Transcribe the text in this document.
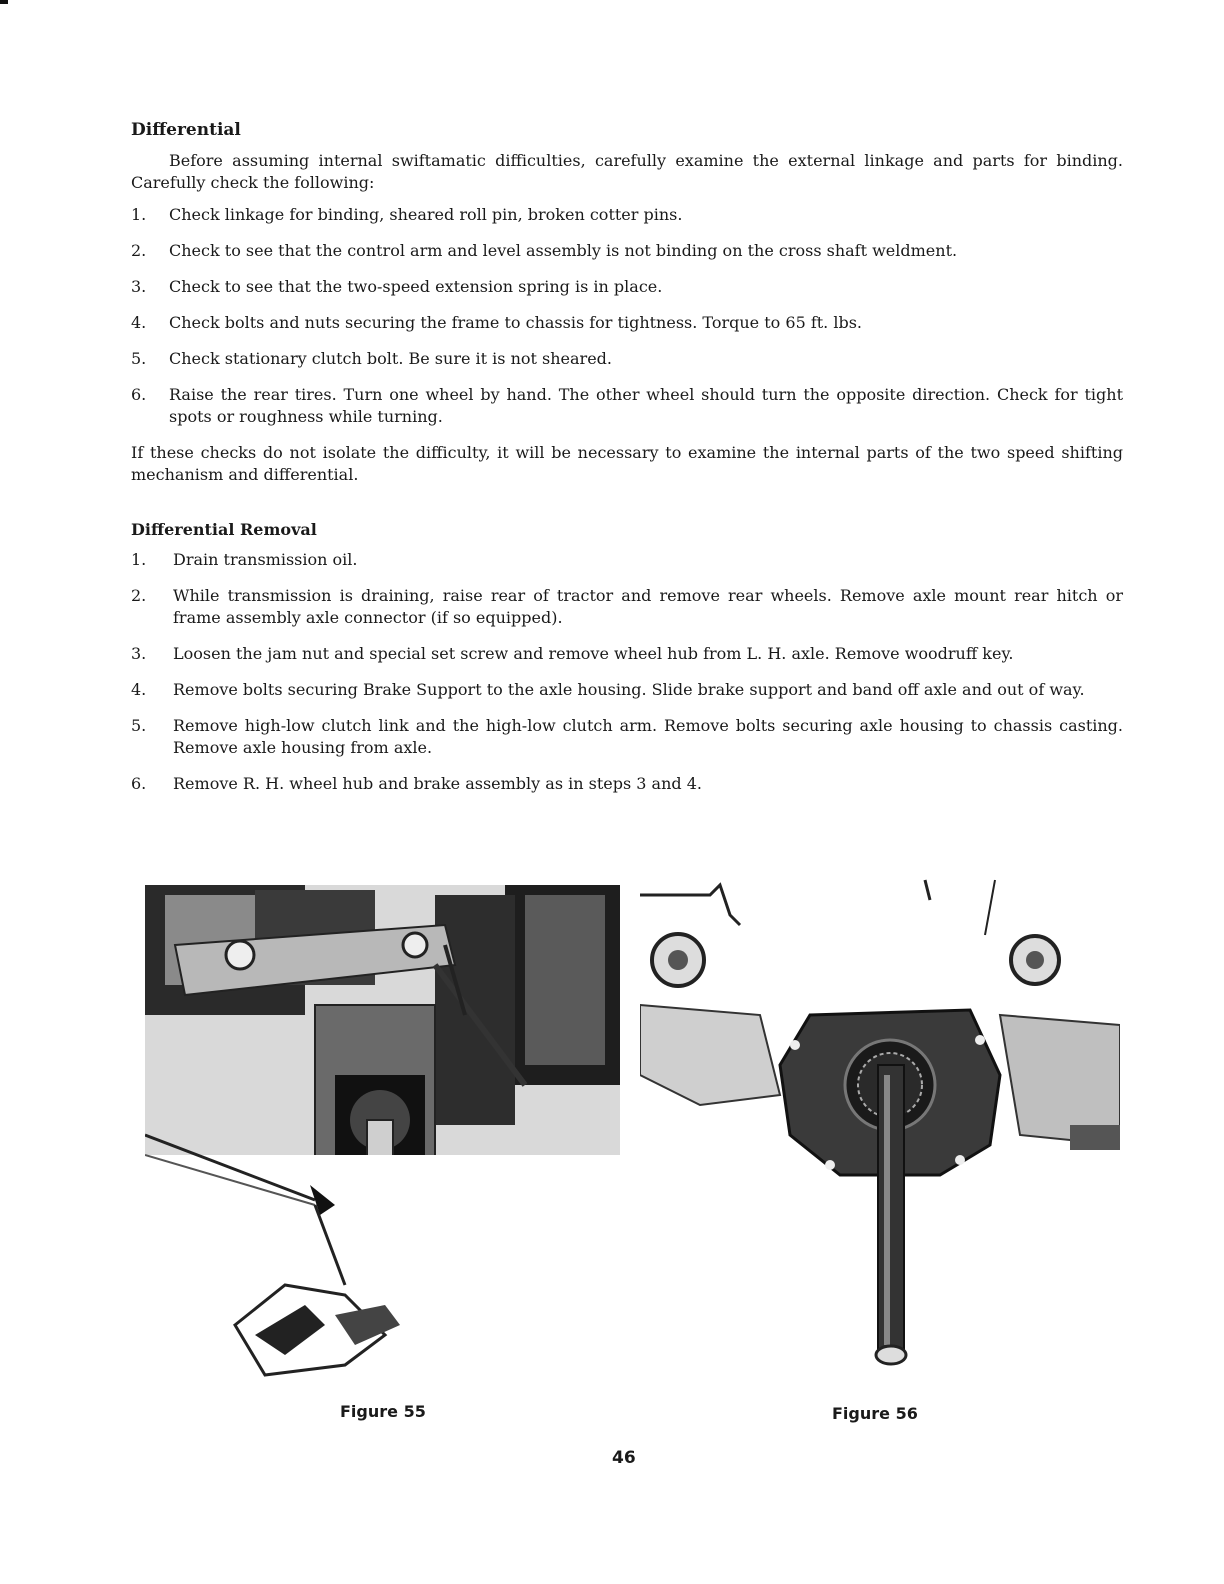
Differential

Before assuming internal swiftamatic difficulties, carefully examine the external linkage and parts for binding. Carefully check the following:

1.	Check linkage for binding, sheared roll pin, broken cotter pins.
2.	Check to see that the control arm and level assembly is not binding on the cross shaft weldment.
3.	Check to see that the two-speed extension spring is in place.
4.	Check bolts and nuts securing the frame to chassis for tightness. Torque to 65 ft. lbs.
5.	Check stationary clutch bolt. Be sure it is not sheared.
6.	Raise the rear tires. Turn one wheel by hand. The other wheel should turn the opposite direction. Check for tight spots or roughness while turning.

If these checks do not isolate the difficulty, it will be necessary to examine the internal parts of the two speed shifting mechanism and differential.

Differential Removal
1.	Drain transmission oil.
2.	While transmission is draining, raise rear of tractor and remove rear wheels. Remove axle mount rear hitch or frame assembly axle connector (if so equipped).
3.	Loosen the jam nut and special set screw and remove wheel hub from L. H. axle. Remove woodruff key.
4.	Remove bolts securing Brake Support to the axle housing. Slide brake support and band off axle and out of way.
5.	Remove high-low clutch link and the high-low clutch arm. Remove bolts securing axle housing to chassis casting. Remove axle housing from axle.
6.	Remove R. H. wheel hub and brake assembly as in steps 3 and 4.
Figure 55	Figure 56
46
